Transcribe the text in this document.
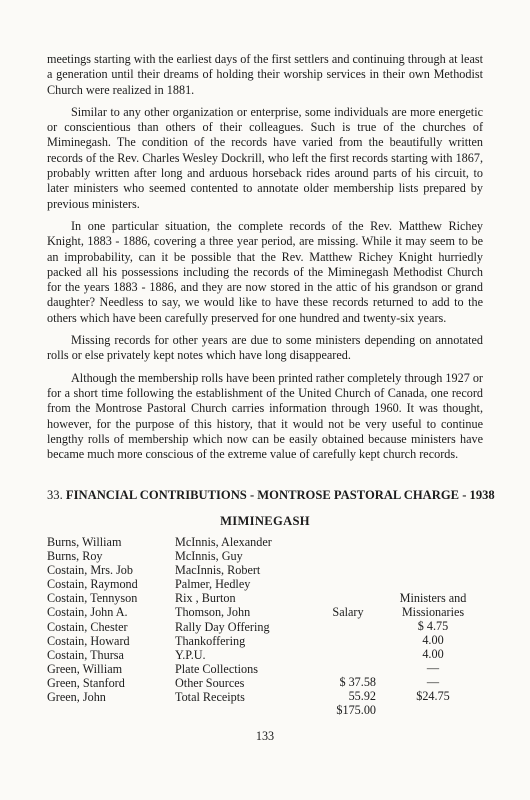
meetings starting with the earliest days of the first settlers and continuing through at least a generation until their dreams of holding their worship services in their own Methodist Church were realized in 1881.

Similar to any other organization or enterprise, some individuals are more energetic or conscientious than others of their colleagues. Such is true of the churches of Miminegash. The condition of the records have varied from the beautifully written records of the Rev. Charles Wesley Dockrill, who left the first records starting with 1867, probably written after long and arduous horseback rides around parts of his circuit, to later ministers who seemed contented to annotate older membership lists prepared by previous ministers.

In one particular situation, the complete records of the Rev. Matthew Richey Knight, 1883 - 1886, covering a three year period, are missing. While it may seem to be an improbability, can it be possible that the Rev. Matthew Richey Knight hurriedly packed all his possessions including the records of the Miminegash Methodist Church for the years 1883 - 1886, and they are now stored in the attic of his grandson or grand daughter? Needless to say, we would like to have these records returned to add to the others which have been carefully preserved for one hundred and twenty-six years.

Missing records for other years are due to some ministers depending on annotated rolls or else privately kept notes which have long disappeared.

Although the membership rolls have been printed rather completely through 1927 or for a short time following the establishment of the United Church of Canada, one record from the Montrose Pastoral Church carries information through 1960. It was thought, however, for the purpose of this history, that it would not be very useful to continue lengthy rolls of membership which now can be easily obtained because ministers have became much more conscious of the extreme value of carefully kept church records.

33. FINANCIAL CONTRIBUTIONS - MONTROSE PASTORAL CHARGE - 1938
MIMINEGASH
Burns, William
Burns, Roy
Costain, Mrs. Job
Costain, Raymond
Costain, Tennyson
Costain, John A.
Costain, Chester
Costain, Howard
Costain, Thursa
Green, William
Green, Stanford
Green, John
McInnis, Alexander
McInnis, Guy
MacInnis, Robert
Palmer, Hedley
Rix , Burton
Thomson, John
Rally Day Offering
Thankoffering
Y.P.U.
Plate Collections
Other Sources
Total Receipts
Salary
Ministers and
Missionaries
$ 37.58
55.92
$175.00
$ 4.75
4.00
4.00
—
—
$24.75
133
